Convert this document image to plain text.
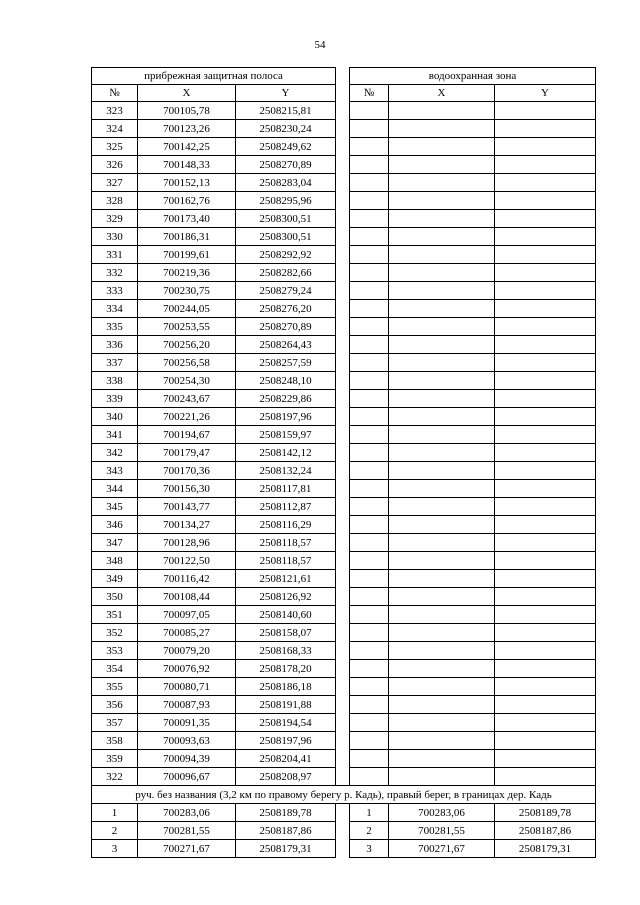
54
прибрежная защитная полоса				водоохранная зона		
№	X	Y		№	X	Y
323	700105,78	2508215,81				
324	700123,26	2508230,24				
325	700142,25	2508249,62				
326	700148,33	2508270,89				
327	700152,13	2508283,04				
328	700162,76	2508295,96				
329	700173,40	2508300,51				
330	700186,31	2508300,51				
331	700199,61	2508292,92				
332	700219,36	2508282,66				
333	700230,75	2508279,24				
334	700244,05	2508276,20				
335	700253,55	2508270,89				
336	700256,20	2508264,43				
337	700256,58	2508257,59				
338	700254,30	2508248,10				
339	700243,67	2508229,86				
340	700221,26	2508197,96				
341	700194,67	2508159,97				
342	700179,47	2508142,12				
343	700170,36	2508132,24				
344	700156,30	2508117,81				
345	700143,77	2508112,87				
346	700134,27	2508116,29				
347	700128,96	2508118,57				
348	700122,50	2508118,57				
349	700116,42	2508121,61				
350	700108,44	2508126,92				
351	700097,05	2508140,60				
352	700085,27	2508158,07				
353	700079,20	2508168,33				
354	700076,92	2508178,20				
355	700080,71	2508186,18				
356	700087,93	2508191,88				
357	700091,35	2508194,54				
358	700093,63	2508197,96				
359	700094,39	2508204,41				
322	700096,67	2508208,97				
руч. без названия (3,2 км по правому берегу р. Кадь), правый берег, в границах дер. Кадь						
1	700283,06	2508189,78		1	700283,06	2508189,78
2	700281,55	2508187,86		2	700281,55	2508187,86
3	700271,67	2508179,31		3	700271,67	2508179,31
